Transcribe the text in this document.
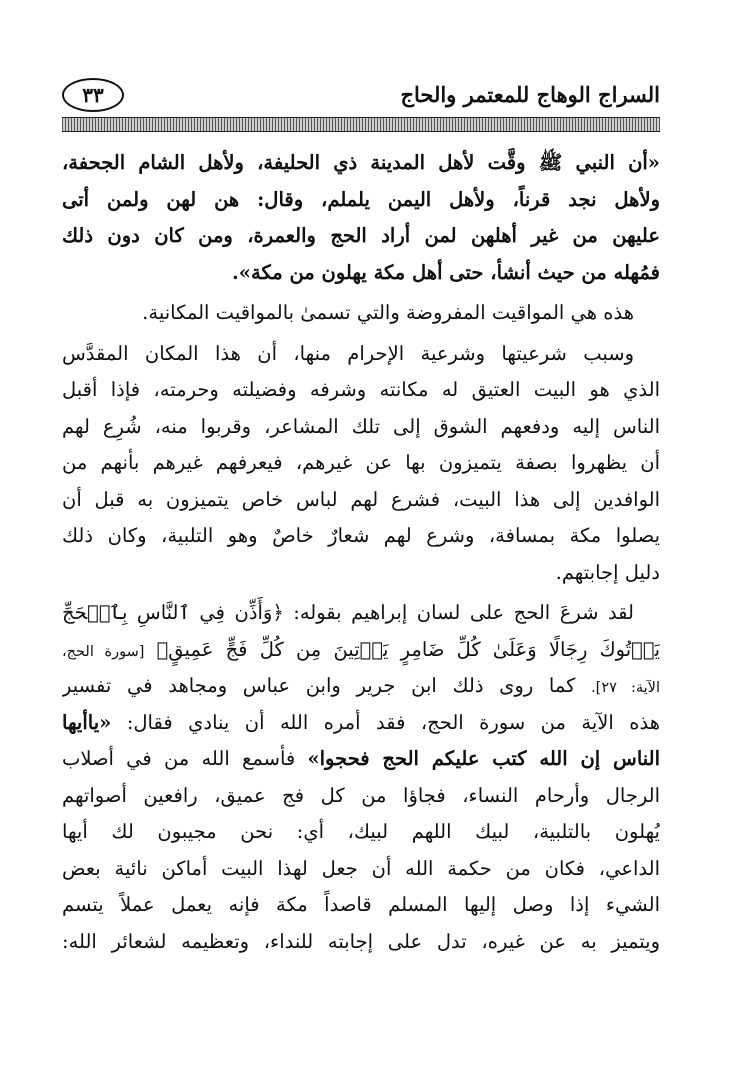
السراج الوهاج للمعتمر والحاج
٣٣
«أن النبي ﷺ وقَّت لأهل المدينة ذي الحليفة، ولأهل الشام الجحفة،
ولأهل نجد قرناً، ولأهل اليمن يلملم، وقال: هن لهن ولمن أتى
عليهن من غير أهلهن لمن أراد الحج والعمرة، ومن كان دون ذلك
فمُهله من حيث أنشأ، حتى أهل مكة يهلون من مكة».
هذه هي المواقيت المفروضة والتي تسمىٰ بالمواقيت المكانية.
وسبب شرعيتها وشرعية الإحرام منها، أن هذا المكان المقدَّس
الذي هو البيت العتيق له مكانته وشرفه وفضيلته وحرمته، فإذا أقبل
الناس إليه ودفعهم الشوق إلى تلك المشاعر، وقربوا منه، شُرِع لهم
أن يظهروا بصفة يتميزون بها عن غيرهم، فيعرفهم غيرهم بأنهم من
الوافدين إلى هذا البيت، فشرع لهم لباس خاص يتميزون به قبل أن
يصلوا مكة بمسافة، وشرع لهم شعارٌ خاصٌ وهو التلبية، وكان ذلك
دليل إجابتهم.
لقد شرعَ الحج على لسان إبراهيم بقوله: ﴿وَأَذِّن فِي ٱلنَّاسِ بِٱلۡحَجِّ
يَأۡتُوكَ رِجَالًا وَعَلَىٰ كُلِّ ضَامِرٍ يَأۡتِينَ مِن كُلِّ فَجٍّ عَمِيقٍ﴾ [سورة الحج،
الآية: ٢٧]. كما روى ذلك ابن جرير وابن عباس ومجاهد في تفسير
هذه الآية من سورة الحج، فقد أمره الله أن ينادي فقال: «ياأيها
الناس إن الله كتب عليكم الحج فحجوا» فأسمع الله من في أصلاب
الرجال وأرحام النساء، فجاؤا من كل فج عميق، رافعين أصواتهم
يُهلون بالتلبية، لبيك اللهم لبيك، أي: نحن مجيبون لك أيها
الداعي، فكان من حكمة الله أن جعل لهذا البيت أماكن نائية بعض
الشيء إذا وصل إليها المسلم قاصداً مكة فإنه يعمل عملاً يتسم
ويتميز به عن غيره، تدل على إجابته للنداء، وتعظيمه لشعائر الله:
